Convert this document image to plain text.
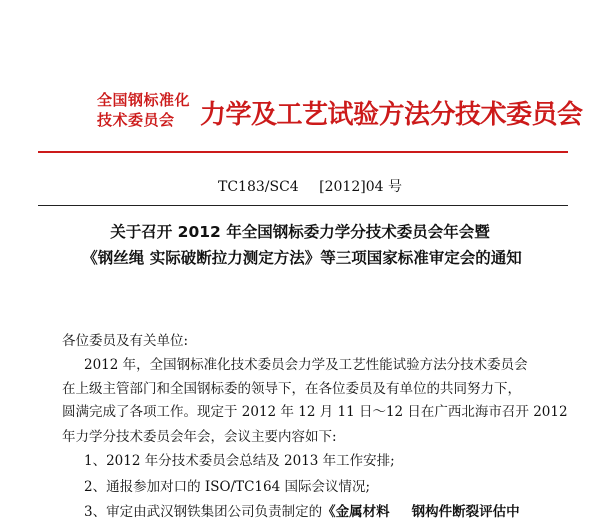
全国钢标准化
技术委员会 力学及工艺试验方法分技术委员会
TC183/SC4 [2012]04 号
关于召开 2012 年全国钢标委力学分技术委员会年会暨
《钢丝绳 实际破断拉力测定方法》等三项国家标准审定会的通知
各位委员及有关单位:
2012 年，全国钢标准化技术委员会力学及工艺性能试验方法分技术委员会
在上级主管部门和全国钢标委的领导下，在各位委员及有单位的共同努力下，
圆满完成了各项工作。现定于 2012 年 12 月 11 日～12 日在广西北海市召开 2012
年力学分技术委员会年会，会议主要内容如下:
1、2012 年分技术委员会总结及 2013 年工作安排;
2、通报参加对口的 ISO/TC164 国际会议情况;
3、审定由武汉钢铁集团公司负责制定的《金属材料 钢构件断裂评估中
